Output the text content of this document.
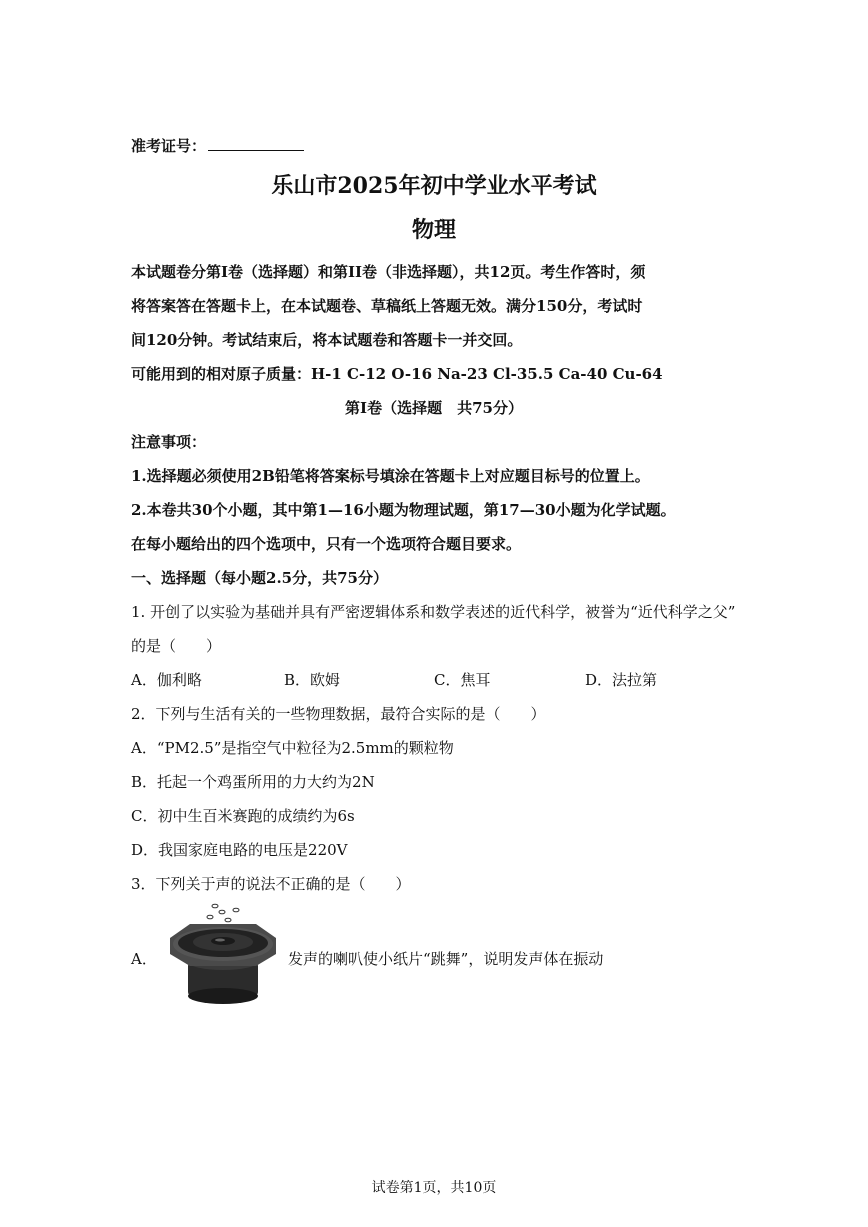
准考证号：
乐山市2025年初中学业水平考试
物理
本试题卷分第I卷（选择题）和第II卷（非选择题），共12页。考生作答时，须
将答案答在答题卡上，在本试题卷、草稿纸上答题无效。满分150分，考试时
间120分钟。考试结束后，将本试题卷和答题卡一并交回。
可能用到的相对原子质量：H-1 C-12 O-16 Na-23 Cl-35.5 Ca-40 Cu-64
第I卷（选择题　共75分）
注意事项：
1.选择题必须使用2B铅笔将答案标号填涂在答题卡上对应题目标号的位置上。
2.本卷共30个小题，其中第1—16小题为物理试题，第17—30小题为化学试题。
在每小题给出的四个选项中，只有一个选项符合题目要求。
一、选择题（每小题2.5分，共75分）
1. 开创了以实验为基础并具有严密逻辑体系和数学表述的近代科学，被誉为“近代科学之父”
的是（　　）
A．伽利略	B．欧姆	C．焦耳	D．法拉第
2．下列与生活有关的一些物理数据，最符合实际的是（　　）
A．“PM2.5”是指空气中粒径为2.5mm的颗粒物
B．托起一个鸡蛋所用的力大约为2N
C．初中生百米赛跑的成绩约为6s
D．我国家庭电路的电压是220V
3．下列关于声的说法不正确的是（　　）
A．	发声的喇叭使小纸片“跳舞”，说明发声体在振动
试卷第1页，共10页
